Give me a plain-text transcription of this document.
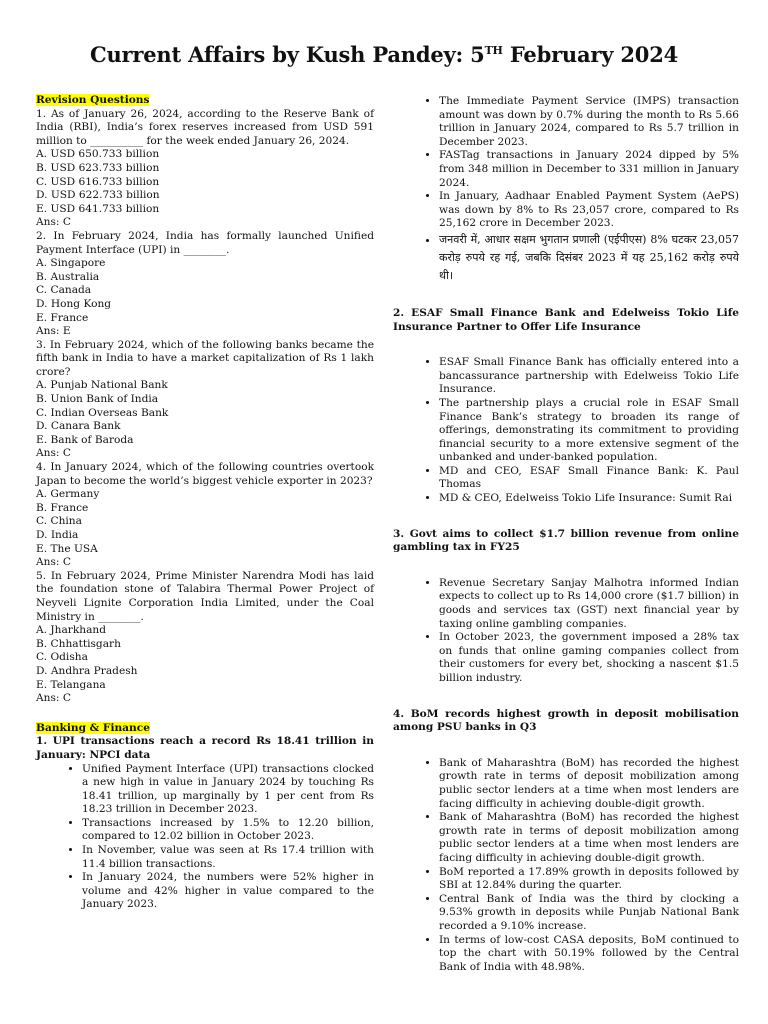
Current Affairs by Kush Pandey: 5TH February 2024
Revision Questions
1. As of January 26, 2024, according to the Reserve Bank of India (RBI), India’s forex reserves increased from USD 591 million to __________ for the week ended January 26, 2024.
A. USD 650.733 billion
B. USD 623.733 billion
C. USD 616.733 billion
D. USD 622.733 billion
E. USD 641.733 billion
Ans: C
2. In February 2024, India has formally launched Unified Payment Interface (UPI) in ________.
A. Singapore
B. Australia
C. Canada
D. Hong Kong
E. France
Ans: E
3. In February 2024, which of the following banks became the fifth bank in India to have a market capitalization of Rs 1 lakh crore?
A. Punjab National Bank
B. Union Bank of India
C. Indian Overseas Bank
D. Canara Bank
E. Bank of Baroda
Ans: C
4. In January 2024, which of the following countries overtook Japan to become the world’s biggest vehicle exporter in 2023?
A. Germany
B. France
C. China
D. India
E. The USA
Ans: C
5. In February 2024, Prime Minister Narendra Modi has laid the foundation stone of Talabira Thermal Power Project of Neyveli Lignite Corporation India Limited, under the Coal Ministry in ________.
A. Jharkhand
B. Chhattisgarh
C. Odisha
D. Andhra Pradesh
E. Telangana
Ans: C
Banking & Finance

1. UPI transactions reach a record Rs 18.41 trillion in January: NPCI data

• Unified Payment Interface (UPI) transactions clocked a new high in value in January 2024 by touching Rs 18.41 trillion, up marginally by 1 per cent from Rs 18.23 trillion in December 2023.
• Transactions increased by 1.5% to 12.20 billion, compared to 12.02 billion in October 2023.
• In November, value was seen at Rs 17.4 trillion with 11.4 billion transactions.
• In January 2024, the numbers were 52% higher in volume and 42% higher in value compared to the January 2023.
• The Immediate Payment Service (IMPS) transaction amount was down by 0.7% during the month to Rs 5.66 trillion in January 2024, compared to Rs 5.7 trillion in December 2023.
• FASTag transactions in January 2024 dipped by 5% from 348 million in December to 331 million in January 2024.
• In January, Aadhaar Enabled Payment System (AePS) was down by 8% to Rs 23,057 crore, compared to Rs 25,162 crore in December 2023.
• जनवरी में, आधार सक्षम भुगतान प्रणाली (एईपीएस) 8% घटकर 23,057 करोड़ रुपये रह गई, जबकि दिसंबर 2023 में यह 25,162 करोड़ रुपये थी।

2. ESAF Small Finance Bank and Edelweiss Tokio Life Insurance Partner to Offer Life Insurance

• ESAF Small Finance Bank has officially entered into a bancassurance partnership with Edelweiss Tokio Life Insurance.
• The partnership plays a crucial role in ESAF Small Finance Bank’s strategy to broaden its range of offerings, demonstrating its commitment to providing financial security to a more extensive segment of the unbanked and under-banked population.
• MD and CEO, ESAF Small Finance Bank: K. Paul Thomas
• MD & CEO, Edelweiss Tokio Life Insurance: Sumit Rai

3. Govt aims to collect $1.7 billion revenue from online gambling tax in FY25

• Revenue Secretary Sanjay Malhotra informed Indian expects to collect up to Rs 14,000 crore ($1.7 billion) in goods and services tax (GST) next financial year by taxing online gambling companies.
• In October 2023, the government imposed a 28% tax on funds that online gaming companies collect from their customers for every bet, shocking a nascent $1.5 billion industry.

4. BoM records highest growth in deposit mobilisation among PSU banks in Q3

• Bank of Maharashtra (BoM) has recorded the highest growth rate in terms of deposit mobilization among public sector lenders at a time when most lenders are facing difficulty in achieving double-digit growth.
• Bank of Maharashtra (BoM) has recorded the highest growth rate in terms of deposit mobilization among public sector lenders at a time when most lenders are facing difficulty in achieving double-digit growth.
• BoM reported a 17.89% growth in deposits followed by SBI at 12.84% during the quarter.
• Central Bank of India was the third by clocking a 9.53% growth in deposits while Punjab National Bank recorded a 9.10% increase.
• In terms of low-cost CASA deposits, BoM continued to top the chart with 50.19% followed by the Central Bank of India with 48.98%.
